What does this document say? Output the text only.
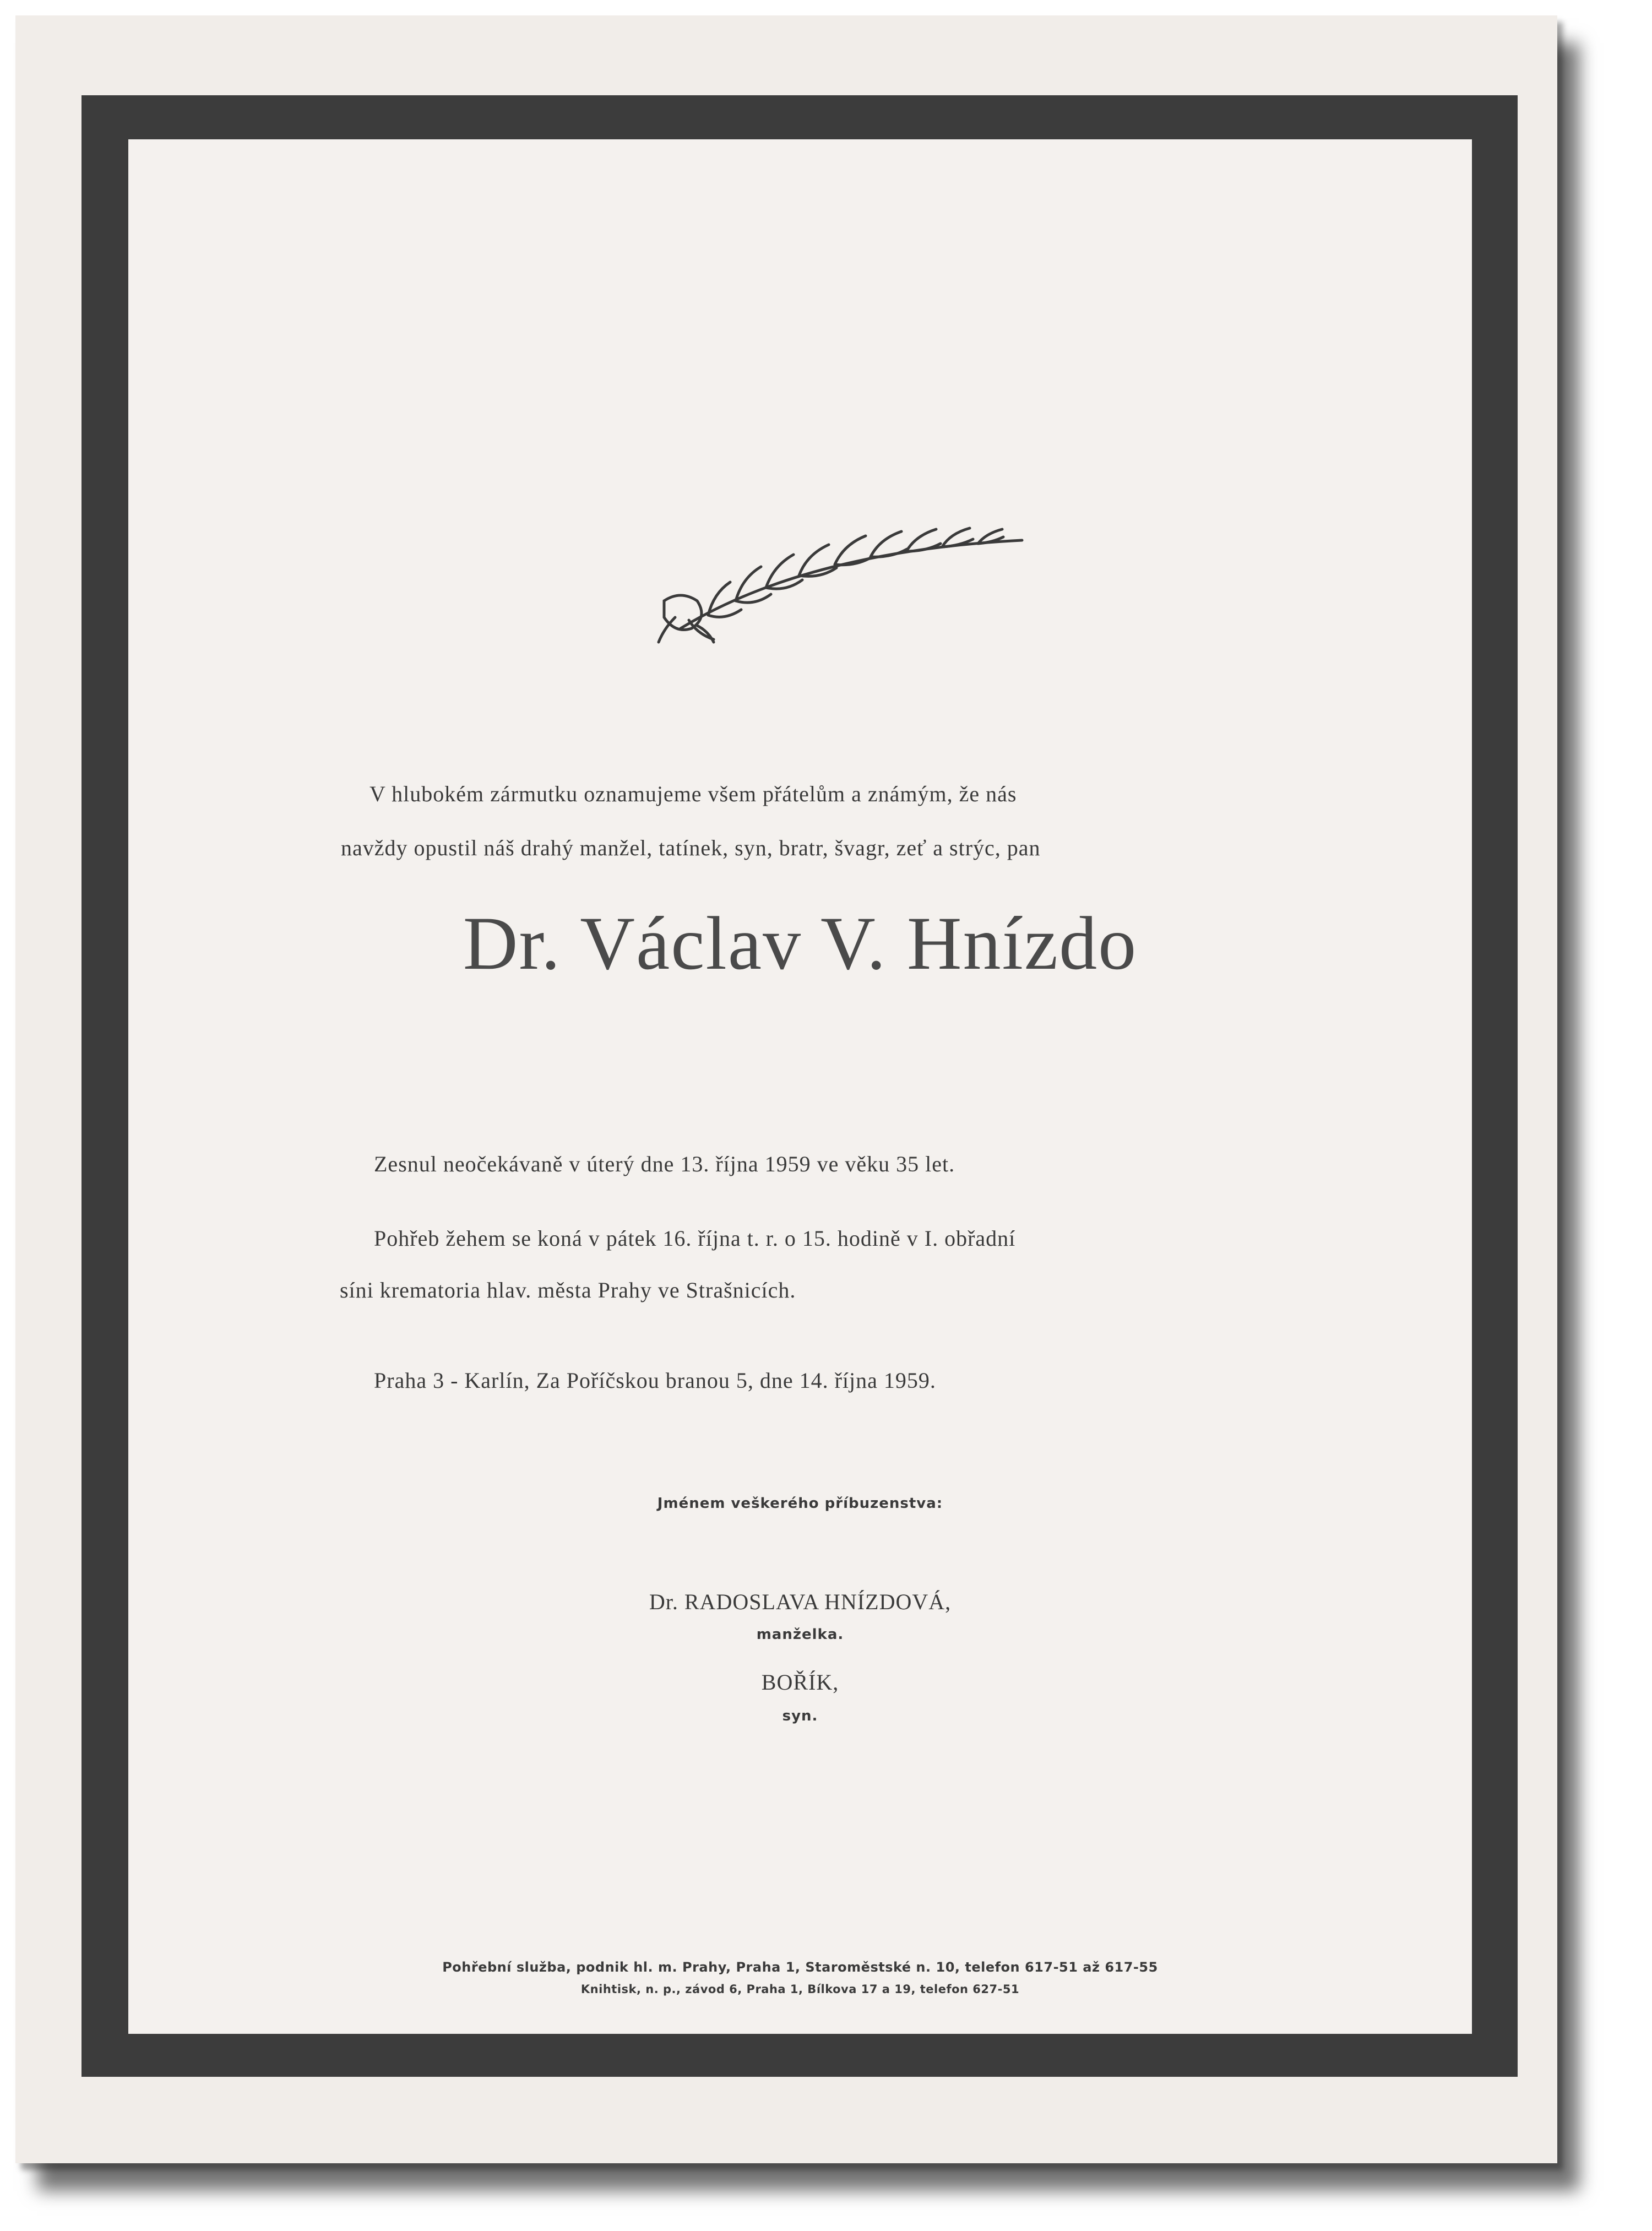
V hlubokém zármutku oznamujeme všem přátelům a známým, že nás
navždy opustil náš drahý manžel, tatínek, syn, bratr, švagr, zeť a strýc, pan
Dr. Václav V. Hnízdo
Zesnul neočekávaně v úterý dne 13. října 1959 ve věku 35 let.
Pohřeb žehem se koná v pátek 16. října t. r. o 15. hodině v I. obřadní
síni krematoria hlav. města Prahy ve Strašnicích.
Praha 3 - Karlín, Za Poříčskou branou 5, dne 14. října 1959.
Jménem veškerého příbuzenstva:
Dr. RADOSLAVA HNÍZDOVÁ,
manželka.
BOŘÍK,
syn.
Pohřební služba, podnik hl. m. Prahy, Praha 1, Staroměstské n. 10, telefon 617-51 až 617-55
Knihtisk, n. p., závod 6, Praha 1, Bílkova 17 a 19, telefon 627-51
